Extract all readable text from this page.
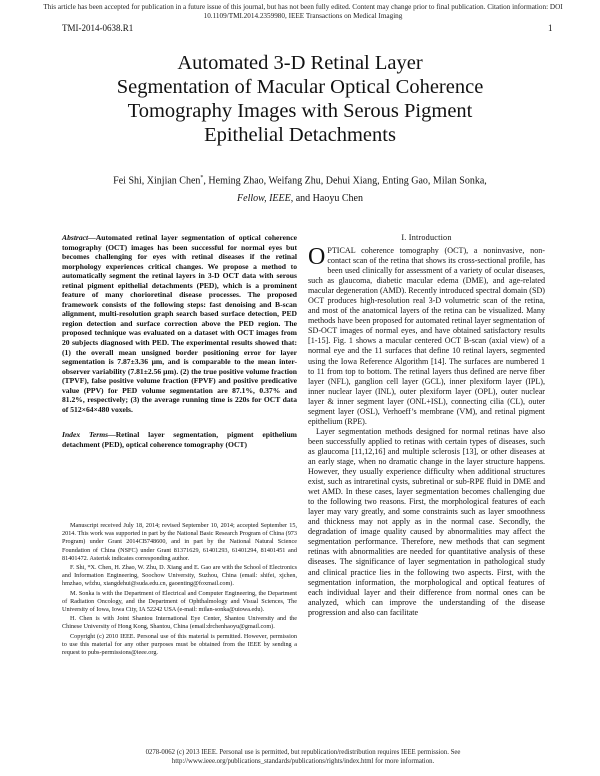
This article has been accepted for publication in a future issue of this journal, but has not been fully edited. Content may change prior to final publication. Citation information: DOI
10.1109/TMI.2014.2359980, IEEE Transactions on Medical Imaging
TMI-2014-0638.R1	1
Automated 3-D Retinal Layer
Segmentation of Macular Optical Coherence
Tomography Images with Serous Pigment
Epithelial Detachments
Fei Shi, Xinjian Chen*, Heming Zhao, Weifang Zhu, Dehui Xiang, Enting Gao, Milan Sonka,
Fellow, IEEE, and Haoyu Chen

Abstract—Automated retinal layer segmentation of optical coherence tomography (OCT) images has been successful for normal eyes but becomes challenging for eyes with retinal diseases if the retinal morphology experiences critical changes. We propose a method to automatically segment the retinal layers in 3-D OCT data with serous retinal pigment epithelial detachments (PED), which is a prominent feature of many chorioretinal disease processes. The proposed framework consists of the following steps: fast denoising and B-scan alignment, multi-resolution graph search based surface detection, PED region detection and surface correction above the PED region. The proposed technique was evaluated on a dataset with OCT images from 20 subjects diagnosed with PED. The experimental results showed that: (1) the overall mean unsigned border positioning error for layer segmentation is 7.87±3.36 μm, and is comparable to the mean inter-observer variability (7.81±2.56 μm). (2) the true positive volume fraction (TPVF), false positive volume fraction (FPVF) and positive predicative value (PPV) for PED volume segmentation are 87.1%, 0.37% and 81.2%, respectively; (3) the average running time is 220s for OCT data of 512×64×480 voxels.

Index Terms—Retinal layer segmentation, pigment epithelium detachment (PED), optical coherence tomography (OCT)

Manuscript received July 18, 2014; revised September 10, 2014; accepted September 15, 2014. This work was supported in part by the National Basic Research Program of China (973 Program) under Grant 2014CB748600, and in part by the National Natural Science Foundation of China (NSFC) under Grant 81371629, 61401293, 61401294, 81401451 and 81401472. Asterisk indicates corresponding author.

F. Shi, *X. Chen, H. Zhao, W. Zhu, D. Xiang and E. Gao are with the School of Electronics and Information Engineering, Soochow University, Suzhou, China (email: shifei, xjchen, hmzhao, wfzhu, xiangdehui@suda.edu.cn, gaoenting@foxmail.com).

M. Sonka is with the Department of Electrical and Computer Engineering, the Department of Radiation Oncology, and the Department of Ophthalmology and Visual Sciences, The University of Iowa, Iowa City, IA 52242 USA (e-mail: milan-sonka@uiowa.edu).

H. Chen is with Joint Shantou International Eye Center, Shantou University and the Chinese University of Hong Kong, Shantou, China (email:drchenhaoyu@gmail.com).

Copyright (c) 2010 IEEE. Personal use of this material is permitted. However, permission to use this material for any other purposes must be obtained from the IEEE by sending a request to pubs-permissions@ieee.org.

I. Introduction

OPTICAL coherence tomography (OCT), a noninvasive, non-contact scan of the retina that shows its cross-sectional profile, has been used clinically for assessment of a variety of ocular diseases, such as glaucoma, diabetic macular edema (DME), and age-related macular degeneration (AMD). Recently introduced spectral domain (SD) OCT produces high-resolution real 3-D volumetric scan of the retina, and most of the anatomical layers of the retina can be visualized. Many methods have been proposed for automated retinal layer segmentation of SD-OCT images of normal eyes, and have obtained satisfactory results [1-15]. Fig. 1 shows a macular centered OCT B-scan (axial view) of a normal eye and the 11 surfaces that define 10 retinal layers, segmented using the Iowa Reference Algorithm [14]. The surfaces are numbered 1 to 11 from top to bottom. The retinal layers thus defined are nerve fiber layer (NFL), ganglion cell layer (GCL), inner plexiform layer (IPL), inner nuclear layer (INL), outer plexiform layer (OPL), outer nuclear layer & inner segment layer (ONL+ISL), connecting cilia (CL), outer segment layer (OSL), Verhoeff’s membrane (VM), and retinal pigment epithelium (RPE).

Layer segmentation methods designed for normal retinas have also been successfully applied to retinas with certain types of diseases, such as glaucoma [11,12,16] and multiple sclerosis [13], or other diseases at an early stage, when no dramatic change in the layer structure happens. However, they usually experience difficulty when additional structures exist, such as intraretinal cysts, subretinal or sub-RPE fluid in DME and wet AMD. In these cases, layer segmentation becomes challenging due to the following two reasons. First, the morphological features of each layer may vary greatly, and some constraints such as layer smoothness and thickness may not apply as in the normal case. Secondly, the degradation of image quality caused by abnormalities may affect the segmentation performance. Therefore, new methods that can segment retinas with abnormalities are needed for quantitative analysis of these diseases. The significance of layer segmentation in pathological study and clinical practice lies in the following two aspects. First, with the segmentation information, the morphological and optical features of each individual layer and their difference from normal ones can be analyzed, which can improve the understanding of the disease progression and also can facilitate

0278-0062 (c) 2013 IEEE. Personal use is permitted, but republication/redistribution requires IEEE permission. See
http://www.ieee.org/publications_standards/publications/rights/index.html for more information.
